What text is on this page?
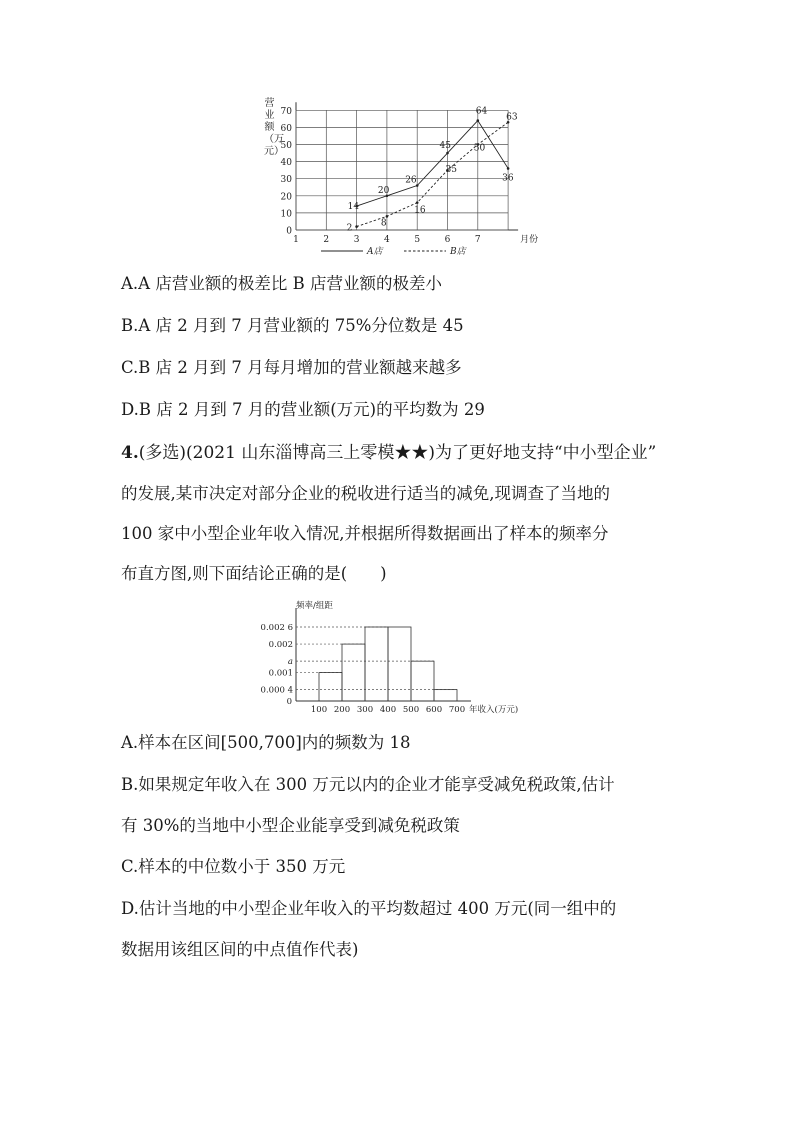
营业额（万元）
0
10
20
30
40
50
60
70
1	2	3	4	5	6	7	月份
14
20
26
45
64
36
2
8
16
35
50
63
A店	B店
A.A 店营业额的极差比 B 店营业额的极差小
B.A 店 2 月到 7 月营业额的 75%分位数是 45
C.B 店 2 月到 7 月每月增加的营业额越来越多
D.B 店 2 月到 7 月的营业额(万元)的平均数为 29
4.(多选)(2021 山东淄博高三上零模★★)为了更好地支持“中小型企业”
的发展,某市决定对部分企业的税收进行适当的减免,现调查了当地的
100 家中小型企业年收入情况,并根据所得数据画出了样本的频率分
布直方图,则下面结论正确的是(　　)
频率/组距
0.002 6
0.002
a
0.001
0.000 4
0
100 200 300 400 500 600 700 年收入(万元)
A.样本在区间[500,700]内的频数为 18
B.如果规定年收入在 300 万元以内的企业才能享受减免税政策,估计
有 30%的当地中小型企业能享受到减免税政策
C.样本的中位数小于 350 万元
D.估计当地的中小型企业年收入的平均数超过 400 万元(同一组中的
数据用该组区间的中点值作代表)
